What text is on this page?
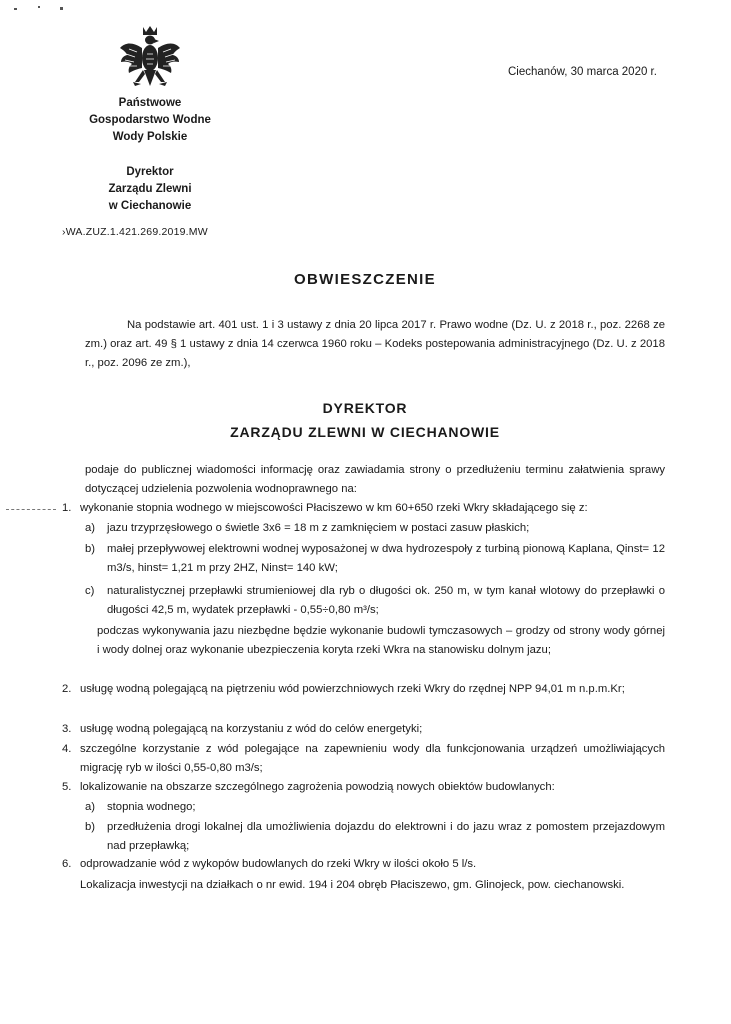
Ciechanów, 30 marca 2020 r.
Państwowe
Gospodarstwo Wodne
Wody Polskie
Dyrektor
Zarządu Zlewni
w Ciechanowie
›WA.ZUZ.1.421.269.2019.MW
OBWIESZCZENIE
Na podstawie art. 401 ust. 1 i 3 ustawy z dnia 20 lipca 2017 r. Prawo wodne (Dz. U. z 2018 r., poz. 2268 ze zm.) oraz art. 49 § 1 ustawy z dnia 14 czerwca 1960 roku – Kodeks postepowania administracyjnego (Dz. U. z 2018 r., poz. 2096 ze zm.),
DYREKTOR
ZARZĄDU ZLEWNI W CIECHANOWIE
podaje do publicznej wiadomości informację oraz zawiadamia strony o przedłużeniu terminu załatwienia sprawy dotyczącej udzielenia pozwolenia wodnoprawnego na:
1. wykonanie stopnia wodnego w miejscowości Płaciszewo w km 60+650 rzeki Wkry składającego się z:
a) jazu trzyprzęsłowego o świetle 3x6 = 18 m z zamknięciem w postaci zasuw płaskich;
b) małej przepływowej elektrowni wodnej wyposażonej w dwa hydrozespoły z turbiną pionową Kaplana, Qinst= 12 m3/s, hinst= 1,21 m przy 2HZ, Ninst= 140 kW;
c) naturalistycznej przepławki strumieniowej dla ryb o długości ok. 250 m, w tym kanał wlotowy do przepławki o długości 42,5 m, wydatek przepławki - 0,55÷0,80 m³/s;
podczas wykonywania jazu niezbędne będzie wykonanie budowli tymczasowych – grodzy od strony wody górnej i wody dolnej oraz wykonanie ubezpieczenia koryta rzeki Wkra na stanowisku dolnym jazu;
2. usługę wodną polegającą na piętrzeniu wód powierzchniowych rzeki Wkry do rzędnej NPP 94,01 m n.p.m.Kr;
3. usługę wodną polegającą na korzystaniu z wód do celów energetyki;
4. szczególne korzystanie z wód polegające na zapewnieniu wody dla funkcjonowania urządzeń umożliwiających migrację ryb w ilości 0,55-0,80 m3/s;
5. lokalizowanie na obszarze szczególnego zagrożenia powodzią nowych obiektów budowlanych:
a) stopnia wodnego;
b) przedłużenia drogi lokalnej dla umożliwienia dojazdu do elektrowni i do jazu wraz z pomostem przejazdowym nad przepławką;
6. odprowadzanie wód z wykopów budowlanych do rzeki Wkry w ilości około 5 l/s.
Lokalizacja inwestycji na działkach o nr ewid. 194 i 204 obręb Płaciszewo, gm. Glinojeck, pow. ciechanowski.
